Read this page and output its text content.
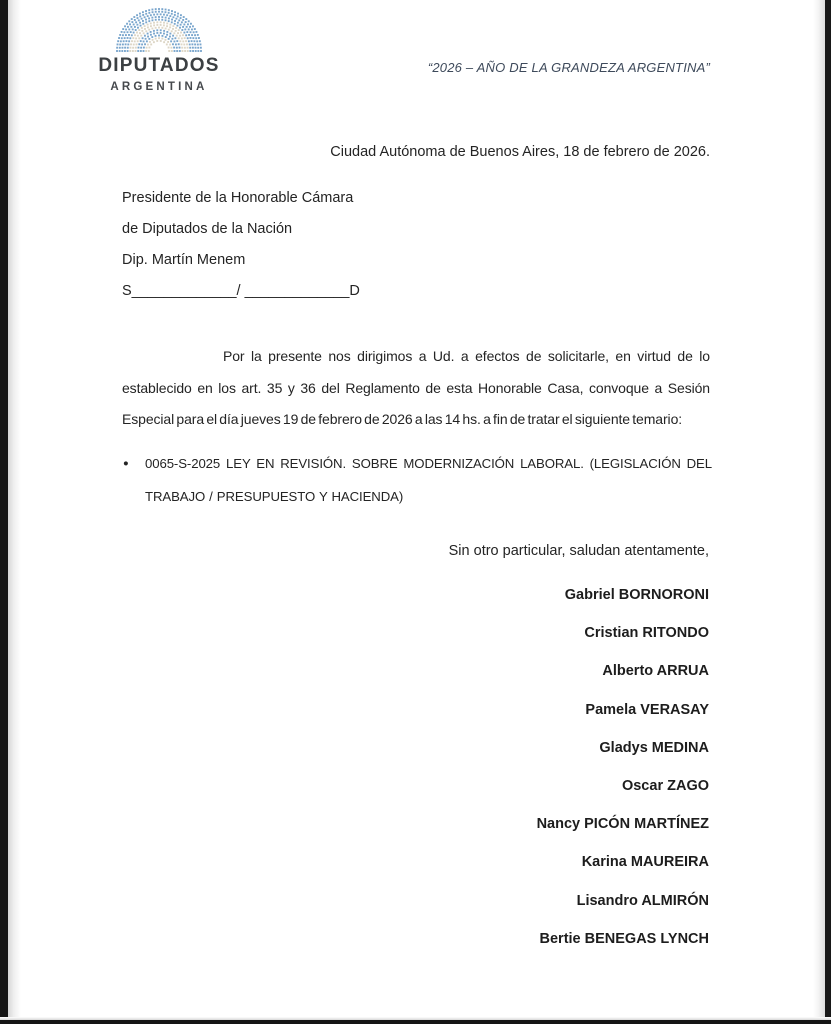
DIPUTADOS
ARGENTINA
“2026 – AÑO DE LA GRANDEZA ARGENTINA”
Ciudad Autónoma de Buenos Aires, 18 de febrero de 2026.
Presidente de la Honorable Cámara
de Diputados de la Nación
Dip. Martín Menem
S_____________/ _____________D

Por la presente nos dirigimos a Ud. a efectos de solicitarle, en virtud de lo establecido en los art. 35 y 36 del Reglamento de esta Honorable Casa, convoque a Sesión Especial para el día jueves 19 de febrero de 2026 a las 14 hs. a fin de tratar el siguiente temario:

● 0065-S-2025 LEY EN REVISIÓN. SOBRE MODERNIZACIÓN LABORAL. (LEGISLACIÓN DEL TRABAJO / PRESUPUESTO Y HACIENDA)
Sin otro particular, saludan atentamente,
Gabriel BORNORONI
Cristian RITONDO
Alberto ARRUA
Pamela VERASAY
Gladys MEDINA
Oscar ZAGO
Nancy PICÓN MARTÍNEZ
Karina MAUREIRA
Lisandro ALMIRÓN
Bertie BENEGAS LYNCH
